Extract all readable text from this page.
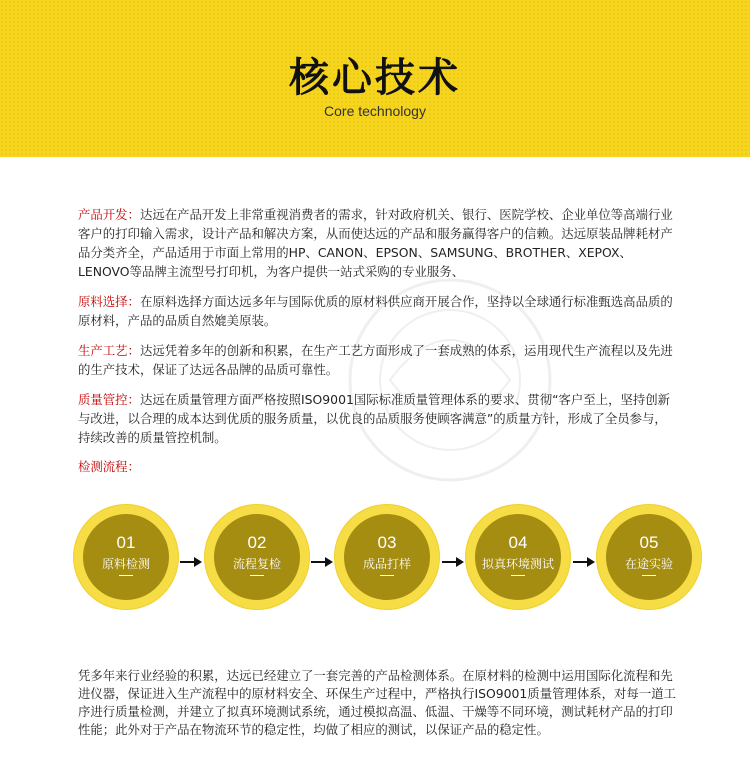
核心技术
Core technology

产品开发：达远在产品开发上非常重视消费者的需求，针对政府机关、银行、医院学校、企业单位等高端行业客户的打印输入需求，设计产品和解决方案，从而使达远的产品和服务赢得客户的信赖。达远原装品牌耗材产品分类齐全，产品适用于市面上常用的HP、CANON、EPSON、SAMSUNG、BROTHER、XEPOX、LENOVO等品牌主流型号打印机，为客户提供一站式采购的专业服务、

原料选择：在原料选择方面达远多年与国际优质的原材料供应商开展合作，坚持以全球通行标准甄选高品质的原材料，产品的品质自然媲美原装。

生产工艺：达远凭着多年的创新和积累，在生产工艺方面形成了一套成熟的体系，运用现代生产流程以及先进的生产技术，保证了达远各品牌的品质可靠性。

质量管控：达远在质量管理方面严格按照ISO9001国际标准质量管理体系的要求、贯彻“客户至上，坚持创新与改进，以合理的成本达到优质的服务质量，以优良的品质服务使顾客满意”的质量方针，形成了全员参与，持续改善的质量管控机制。

检测流程：
01
原料检测
02
流程复检
03
成品打样
04
拟真环境测试
05
在途实验
凭多年来行业经验的积累，达远已经建立了一套完善的产品检测体系。在原材料的检测中运用国际化流程和先进仪器，保证进入生产流程中的原材料安全、环保生产过程中，严格执行ISO9001质量管理体系，对每一道工序进行质量检测，并建立了拟真环境测试系统，通过模拟高温、低温、干燥等不同环境，测试耗材产品的打印性能；此外对于产品在物流环节的稳定性，均做了相应的测试，以保证产品的稳定性。
